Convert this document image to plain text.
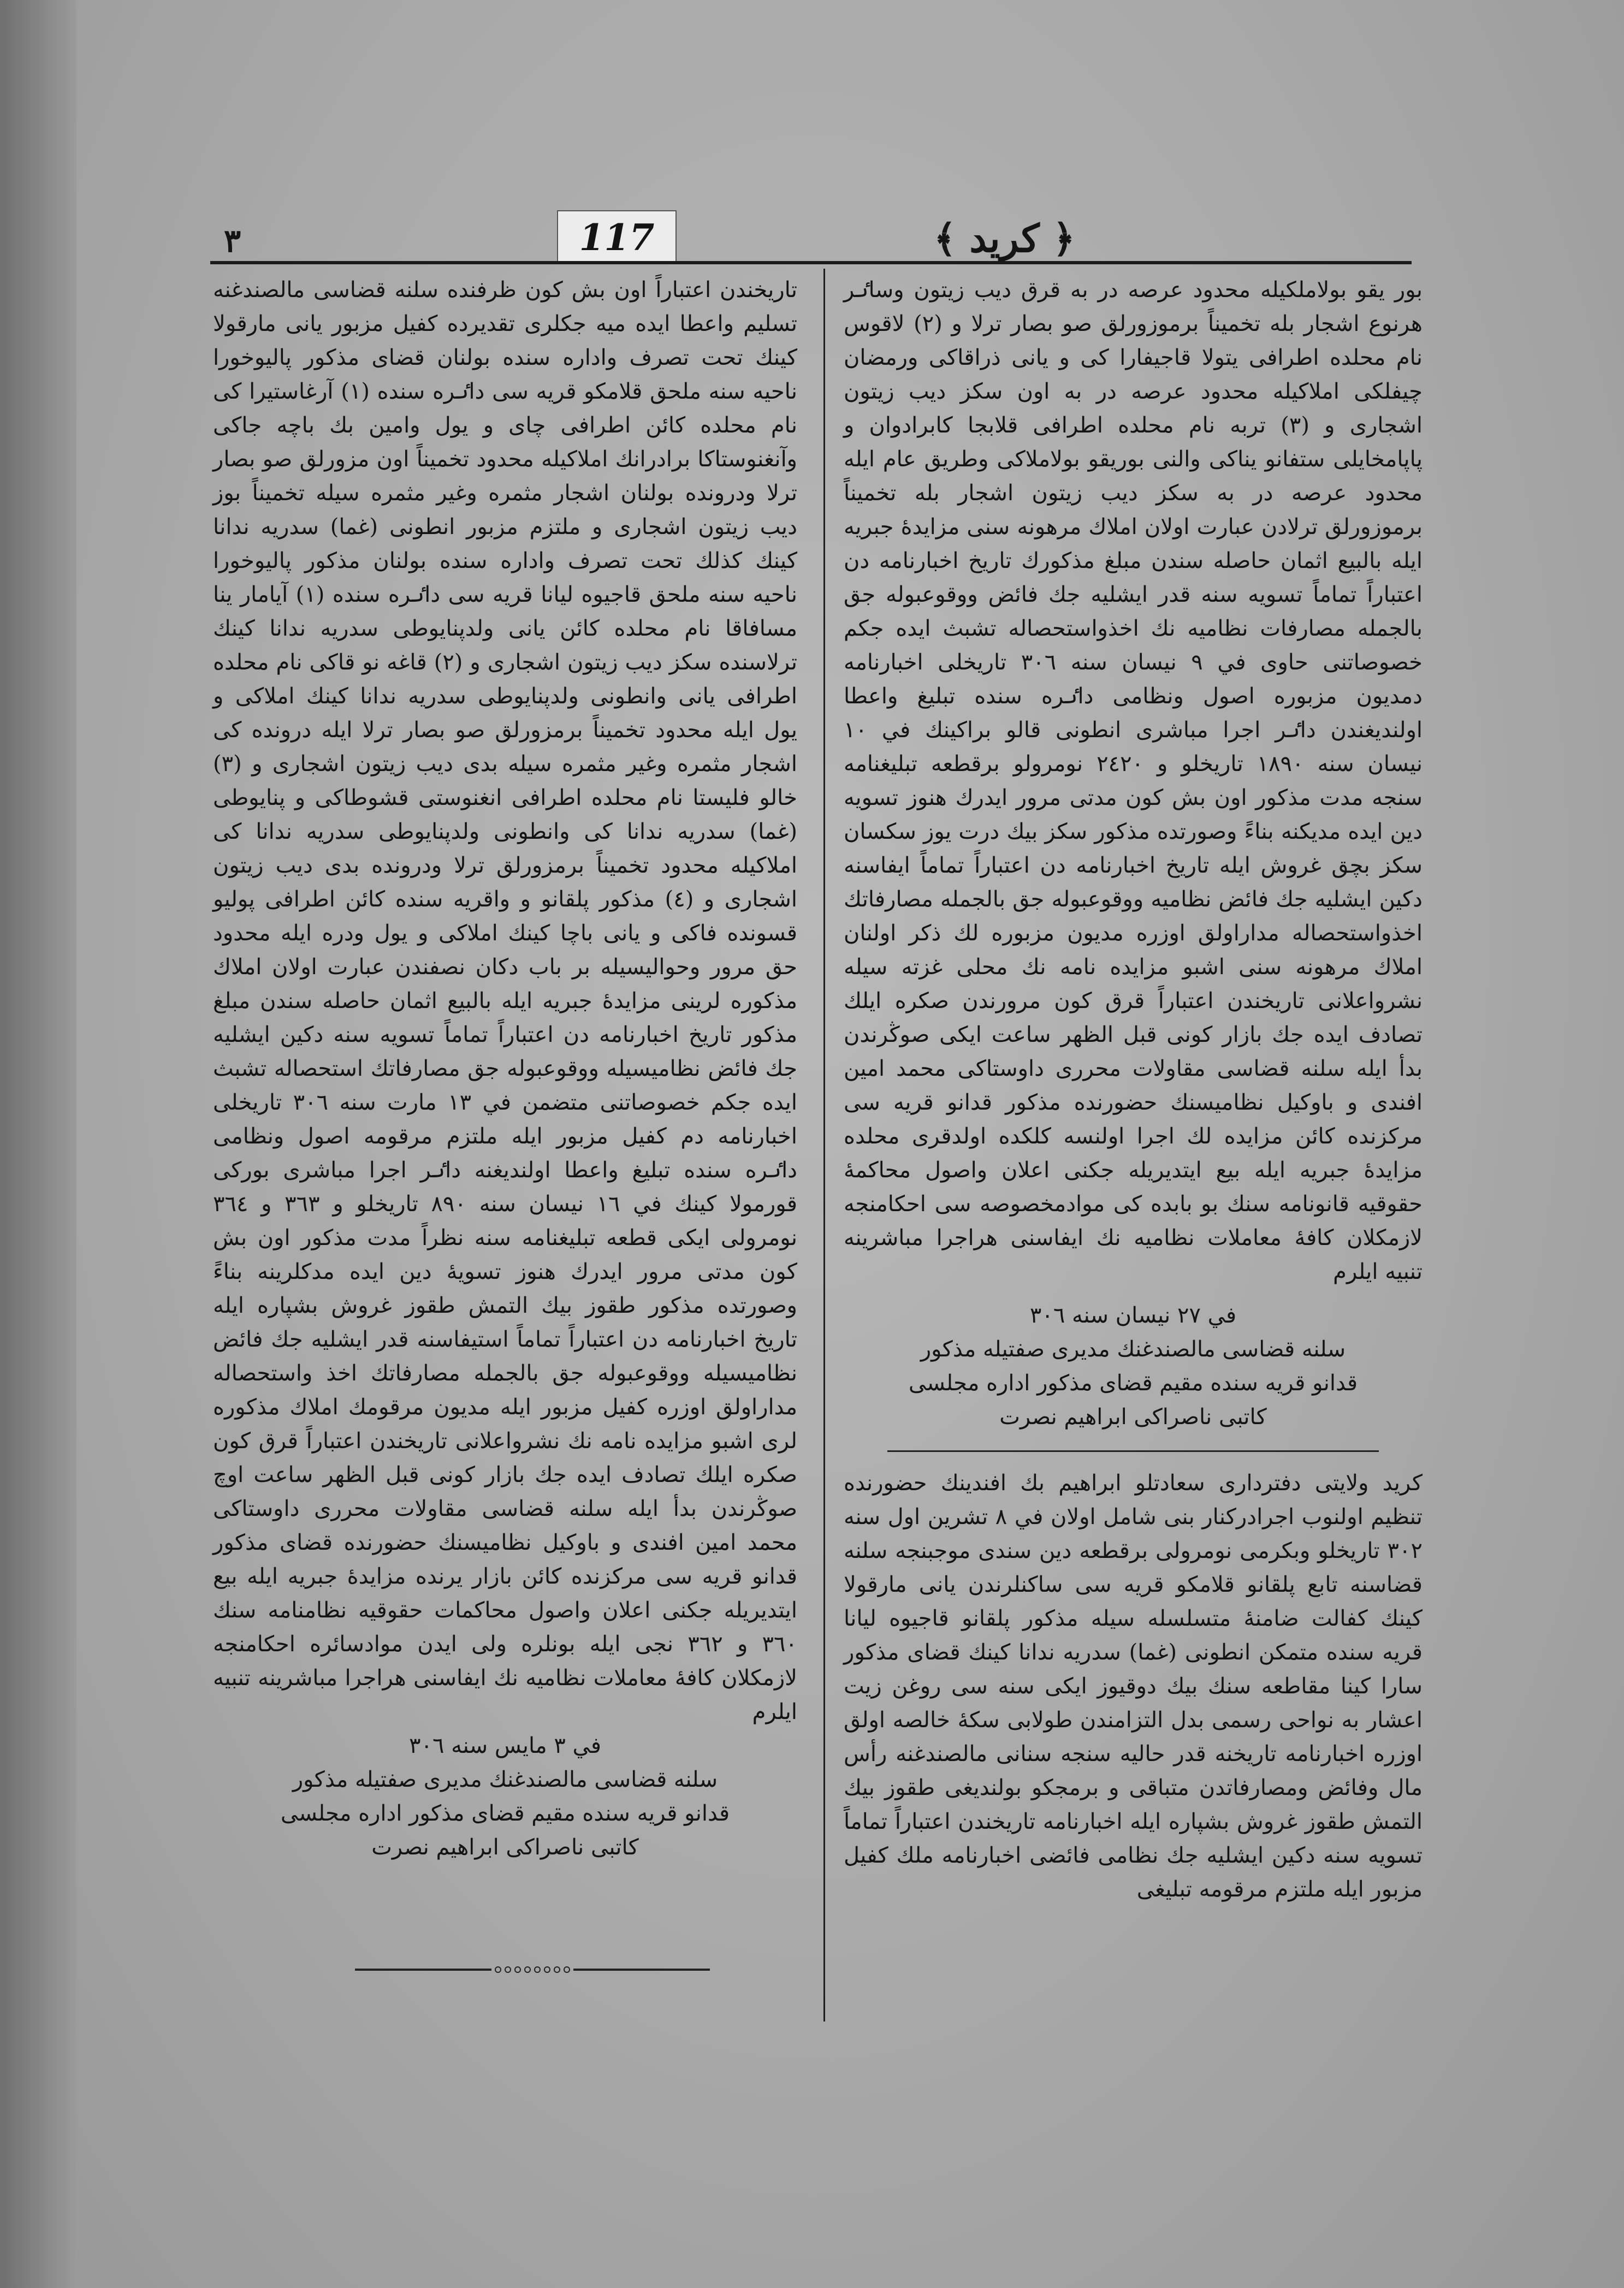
٣	117	﴿ كريد ﴾

بور يقو بولاملكيله محدود عرصه در به قرق ديب زيتون وساٸر هرنوع اشجار بله تخميناً برموزورلق صو بصار ترلا و (٢) لاقوس نام محلده اطرافى يتولا قاجيفارا كى و يانى ذراقاكى ورمضان چيفلكى املاكيله محدود عرصه در به اون سكز ديب زيتون اشجارى و (٣) تربه نام محلده اطرافى قلابجا كابرادوان و پاپامخايلى ستفانو يناكى والنى بوريقو بولاملاكى وطريق عام ايله محدود عرصه در به سكز ديب زيتون اشجار بله تخميناً برموزورلق ترلادن عبارت اولان املاك مرهونه سنى مزايدهٔ جبريه ايله بالبيع اثمان حاصله سندن مبلغ مذكورك تاريخ اخبارنامه دن اعتباراً تماماً تسويه سنه قدر ايشليه جك فائض ووقوعبوله جق بالجمله مصارفات نظاميه نك اخذواستحصاله تشبث ايده جكم خصوصاتنى حاوى في ٩ نيسان سنه ٣٠٦ تاريخلى اخبارنامه دمديون مزبوره اصول ونظامى داٸره سنده تبليغ واعطا اولنديغندن داٸر اجرا مباشرى انطونى قالو براكينك في ١٠ نيسان سنه ١٨٩٠ تاريخلو و ٢٤٢٠ نومرولو برقطعه تبليغنامه سنجه مدت مذكور اون بش كون مدتى مرور ايدرك هنوز تسويه دين ايده مديكنه بناءً وصورتده مذكور سكز بيك درت يوز سكسان سكز بچق غروش ايله تاريخ اخبارنامه دن اعتباراً تماماً ايفاسنه دكين ايشليه جك فائض نظاميه ووقوعبوله جق بالجمله مصارفاتك اخذواستحصاله مداراولق اوزره مديون مزبوره لك ذكر اولنان املاك مرهونه سنى اشبو مزايده نامه نك محلى غزته سيله نشرواعلانى تاريخندن اعتباراً قرق كون مرورندن صكره ايلك تصادف ايده جك بازار كونى قبل الظهر ساعت ايكى صوڭرندن بدأ ايله سلنه قضاسى مقاولات محررى داوستاكى محمد امين افندى و باوكيل نظاميسنك حضورنده مذكور قدانو قريه سى مركزنده كائن مزايده لك اجرا اولنسه كلكده اولدقرى محلده مزايدهٔ جبريه ايله بيع ايتديريله جكنى اعلان واصول محاكمهٔ حقوقيه قانونامه سنك بو بابده كى موادمخصوصه سى احكامنجه لازمكلان كافهٔ معاملات نظاميه نك ايفاسنى هراجرا مباشرينه تنبيه ايلرم

في ٢٧ نيسان سنه ٣٠٦
سلنه قضاسى مالصندغنك مديرى صفتيله مذكور
قدانو قريه سنده مقيم قضاى مذكور اداره مجلسى
كاتبى ناصراكى ابراهيم نصرت

كريد ولايتى دفترداری سعادتلو ابراهيم بك افندينك حضورنده تنظيم اولنوب اجرادركنار بنى شامل اولان في ٨ تشرين اول سنه ٣٠٢ تاريخلو وبكرمى نومرولى برقطعه دين سندى موجبنجه سلنه قضاسنه تابع پلقانو قلامكو قريه سى ساكنلرندن يانى مارقولا كينك كفالت ضامنهٔ متسلسله سيله مذكور پلقانو قاجيوه ليانا قريه سنده متمكن انطونى (غما) سدريه ندانا كينك قضاى مذكور سارا كينا مقاطعه سنك بيك دوقيوز ايكى سنه سى روغن زيت اعشار به نواحى رسمى بدل التزامندن طولابى سكهٔ خالصه اولق اوزره اخبارنامه تاريخنه قدر حاليه سنجه سنانى مالصندغنه رأس مال وفائض ومصارفاتدن متباقى و برمجكو بولنديغى طقوز بيك التمش طقوز غروش بشپاره ايله اخبارنامه تاريخندن اعتباراً تماماً تسويه سنه دكين ايشليه جك نظامى فائضى اخبارنامه ملك كفيل مزبور ايله ملتزم مرقومه تبليغى

تاريخندن اعتباراً اون بش كون ظرفنده سلنه قضاسى مالصندغنه تسليم واعطا ايده ميه جكلرى تقديرده كفيل مزبور يانى مارقولا كينك تحت تصرف واداره سنده بولنان قضاى مذكور پاليوخورا ناحيه سنه ملحق قلامكو قريه سى داٸره سنده (١) آرغاستيرا كى نام محلده كائن اطرافى چاى و يول وامين بك باچه جاكى وآنغنوستاكا برادرانك املاكيله محدود تخميناً اون مزورلق صو بصار ترلا ودرونده بولنان اشجار مثمره وغير مثمره سيله تخميناً بوز ديب زيتون اشجارى و ملتزم مزبور انطونى (غما) سدريه ندانا كينك كذلك تحت تصرف واداره سنده بولنان مذكور پاليوخورا ناحيه سنه ملحق قاجيوه ليانا قريه سى داٸره سنده (١) آيامار ينا مسافاقا نام محلده كائن يانى ولدپنايوطى سدريه ندانا كينك ترلاسنده سكز ديب زيتون اشجارى و (٢) قاغه نو قاكى نام محلده اطرافى يانى وانطونى ولدپنايوطى سدريه ندانا كينك املاكى و يول ايله محدود تخميناً برمزورلق صو بصار ترلا ايله درونده كى اشجار مثمره وغير مثمره سيله بدى ديب زيتون اشجارى و (٣) خالو فليستا نام محلده اطرافى انغنوستى قشوطاكى و پنايوطى (غما) سدريه ندانا كى وانطونى ولدپنايوطى سدريه ندانا كى املاكيله محدود تخميناً برمزورلق ترلا ودرونده بدى ديب زيتون اشجارى و (٤) مذكور پلقانو و واقريه سنده كائن اطرافى پوليو قسونده فاكى و يانى باچا كينك املاكى و يول ودره ايله محدود حق مرور وحواليسيله بر باب دكان نصفندن عبارت اولان املاك مذكوره لرينى مزايدهٔ جبريه ايله بالبيع اثمان حاصله سندن مبلغ مذكور تاريخ اخبارنامه دن اعتباراً تماماً تسويه سنه دكين ايشليه جك فائض نظاميسيله ووقوعبوله جق مصارفاتك استحصاله تشبث ايده جكم خصوصاتنى متضمن في ١٣ مارت سنه ٣٠٦ تاريخلى اخبارنامه دم كفيل مزبور ايله ملتزم مرقومه اصول ونظامى داٸره سنده تبليغ واعطا اولنديغنه داٸر اجرا مباشرى بوركى قورمولا كينك في ١٦ نيسان سنه ٨٩٠ تاريخلو و ٣٦٣ و ٣٦٤ نومرولى ايكى قطعه تبليغنامه سنه نظراً مدت مذكور اون بش كون مدتى مرور ايدرك هنوز تسويهٔ دين ايده مدكلرينه بناءً وصورتده مذكور طقوز بيك التمش طقوز غروش بشپاره ايله تاريخ اخبارنامه دن اعتباراً تماماً استيفاسنه قدر ايشليه جك فائض نظاميسيله ووقوعبوله جق بالجمله مصارفاتك اخذ واستحصاله مداراولق اوزره كفيل مزبور ايله مديون مرقومك املاك مذكوره لرى اشبو مزايده نامه نك نشرواعلانى تاريخندن اعتباراً قرق كون صكره ايلك تصادف ايده جك بازار كونى قبل الظهر ساعت اوچ صوڭرندن بدأ ايله سلنه قضاسى مقاولات محررى داوستاكى محمد امين افندى و باوكيل نظاميسنك حضورنده قضاى مذكور قدانو قريه سى مركزنده كائن بازار يرنده مزايدهٔ جبريه ايله بيع ايتديريله جكنى اعلان واصول محاكمات حقوقيه نظامنامه سنك ٣٦٠ و ٣٦٢ نجى ايله بونلره ولى ايدن موادسائره احكامنجه لازمكلان كافهٔ معاملات نظاميه نك ايفاسنى هراجرا مباشرينه تنبيه ايلرم

في ٣ مايس سنه ٣٠٦
سلنه قضاسى مالصندغنك مديرى صفتيله مذكور
قدانو قريه سنده مقيم قضاى مذكور اداره مجلسى
كاتبى ناصراكى ابراهيم نصرت
